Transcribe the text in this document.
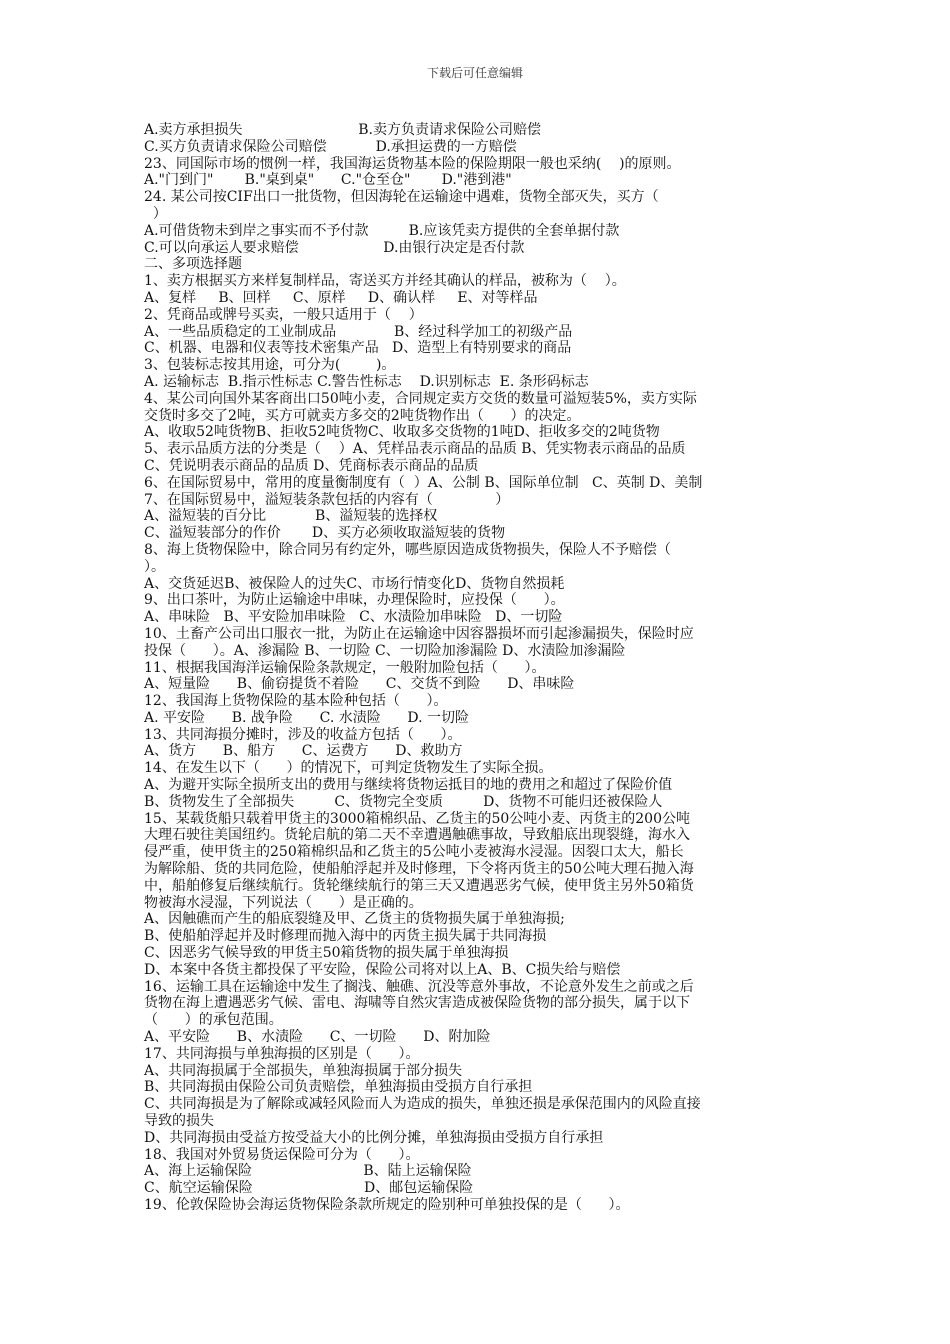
下载后可任意编辑
A.卖方承担损失                          B.卖方负责请求保险公司赔偿
C.买方负责请求保险公司赔偿           D.承担运费的一方赔偿
23、同国际市场的惯例一样，我国海运货物基本险的保险期限一般也采纳(    )的原则。
A."门到门"       B."桌到桌"      C."仓至仓"       D."港到港"
24. 某公司按CIF出口一批货物，但因海轮在运输途中遇难，货物全部灭失，买方（
）
A.可借货物未到岸之事实而不予付款         B.应该凭卖方提供的全套单据付款
C.可以向承运人要求赔偿                   D.由银行决定是否付款
二、多项选择题
1、卖方根据买方来样复制样品，寄送买方并经其确认的样品，被称为（    ）。
A、复样     B、回样     C、原样     D、确认样     E、对等样品
2、凭商品或牌号买卖，一般只适用于（    ）
A、一些品质稳定的工业制成品             B、经过科学加工的初级产品
C、机器、电器和仪表等技术密集产品   D、造型上有特别要求的商品
3、包装标志按其用途，可分为(        )。
A. 运输标志  B.指示性标志 C.警告性标志    D.识别标志  E. 条形码标志
4、某公司向国外某客商出口50吨小麦，合同规定卖方交货的数量可溢短装5%，卖方实际
交货时多交了2吨，买方可就卖方多交的2吨货物作出（      ）的决定。
A、收取52吨货物B、拒收52吨货物C、收取多交货物的1吨D、拒收多交的2吨货物
5、表示品质方法的分类是（    ）A、凭样品表示商品的品质 B、凭实物表示商品的品质
C、凭说明表示商品的品质 D、凭商标表示商品的品质
6、在国际贸易中，常用的度量衡制度有（  ）A、公制 B、国际单位制   C、英制 D、美制
7、在国际贸易中，溢短装条款包括的内容有（              ）
A、溢短装的百分比           B、溢短装的选择权
C、溢短装部分的作价       D、买方必须收取溢短装的货物
8、海上货物保险中，除合同另有约定外，哪些原因造成货物损失，保险人不予赔偿（
）。
A、交货延迟B、被保险人的过失C、市场行情变化D、货物自然损耗
9、出口茶叶，为防止运输途中串味，办理保险时，应投保（      ）。
A、串味险   B、平安险加串味险   C、水渍险加串味险   D、一切险
10、土畜产公司出口服衣一批，为防止在运输途中因容器损坏而引起渗漏损失，保险时应
投保（      ）。A、渗漏险 B、一切险 C、一切险加渗漏险 D、水渍险加渗漏险
11、根据我国海洋运输保险条款规定，一般附加险包括（      ）。
A、短量险      B、偷窃提货不着险      C、交货不到险      D、串味险
12、我国海上货物保险的基本险种包括（      ）。
A. 平安险      B. 战争险      C. 水渍险      D. 一切险
13、共同海损分摊时，涉及的收益方包括（      ）。
A、货方      B、船方      C、运费方      D、救助方
14、在发生以下（      ）的情况下，可判定货物发生了实际全损。
A、为避开实际全损所支出的费用与继续将货物运抵目的地的费用之和超过了保险价值
B、货物发生了全部损失         C、货物完全变质         D、货物不可能归还被保险人
15、某载货船只载着甲货主的3000箱棉织品、乙货主的50公吨小麦、丙货主的200公吨
大理石驶往美国纽约。货轮启航的第二天不幸遭遇触礁事故，导致船底出现裂缝，海水入
侵严重，使甲货主的250箱棉织品和乙货主的5公吨小麦被海水浸湿。因裂口太大，船长
为解除船、货的共同危险，使船舶浮起并及时修理，下令将丙货主的50公吨大理石抛入海
中，船舶修复后继续航行。货轮继续航行的第三天又遭遇恶劣气候，使甲货主另外50箱货
物被海水浸湿，下列说法（      ）是正确的。
A、因触礁而产生的船底裂缝及甲、乙货主的货物损失属于单独海损;
B、使船舶浮起并及时修理而抛入海中的丙货主损失属于共同海损
C、因恶劣气候导致的甲货主50箱货物的损失属于单独海损
D、本案中各货主都投保了平安险，保险公司将对以上A、B、C损失给与赔偿
16、运输工具在运输途中发生了搁浅、触礁、沉没等意外事故，不论意外发生之前或之后
货物在海上遭遇恶劣气候、雷电、海啸等自然灾害造成被保险货物的部分损失，属于以下
（      ）的承包范围。
A、平安险      B、水渍险      C、一切险      D、附加险
17、共同海损与单独海损的区别是（      ）。
A、共同海损属于全部损失，单独海损属于部分损失
B、共同海损由保险公司负责赔偿，单独海损由受损方自行承担
C、共同海损是为了解除或减轻风险而人为造成的损失，单独还损是承保范围内的风险直接
导致的损失
D、共同海损由受益方按受益大小的比例分摊，单独海损由受损方自行承担
18、我国对外贸易货运保险可分为（      ）。
A、海上运输保险                         B、陆上运输保险
C、航空运输保险                         D、邮包运输保险
19、伦敦保险协会海运货物保险条款所规定的险别种可单独投保的是（      ）。
